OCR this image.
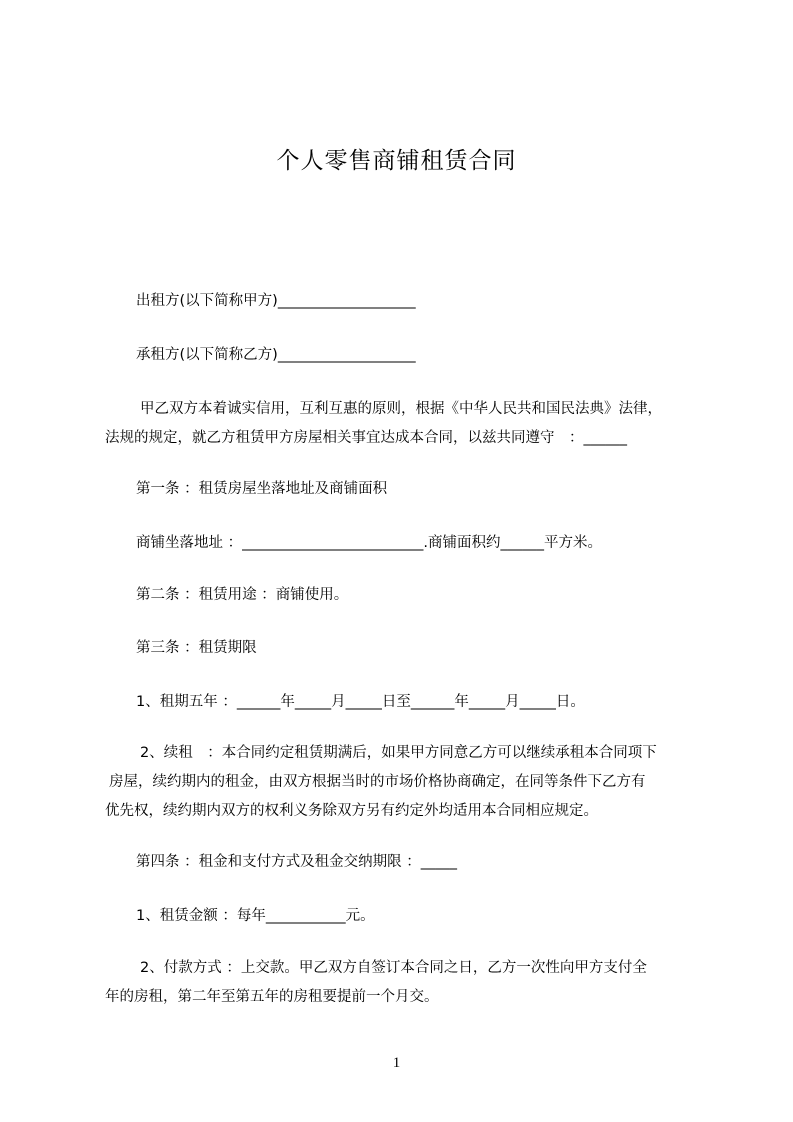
个人零售商铺租赁合同
出租方(以下简称甲方)___________________
承租方(以下简称乙方)___________________
甲乙双方本着诚实信用，互利互惠的原则，根据《中华人民共和国民法典》法律，
法规的规定，就乙方租赁甲方房屋相关事宜达成本合同，以兹共同遵守　：______
第一条 ：租赁房屋坐落地址及商铺面积
商铺坐落地址 ：_________________________.商铺面积约______平方米。
第二条 ：租赁用途 ：商铺使用。
第三条 ：租赁期限
1、租期五年 ：______年_____月_____日至______年_____月_____日。
2、续租　：本合同约定租赁期满后，如果甲方同意乙方可以继续承租本合同项下
房屋，续约期内的租金，由双方根据当时的市场价格协商确定，在同等条件下乙方有
优先权，续约期内双方的权利义务除双方另有约定外均适用本合同相应规定。
第四条 ：租金和支付方式及租金交纳期限 ：_____
1、租赁金额 ：每年___________元。
2、付款方式 ：上交款。甲乙双方自签订本合同之日，乙方一次性向甲方支付全
年的房租，第二年至第五年的房租要提前一个月交。
1
